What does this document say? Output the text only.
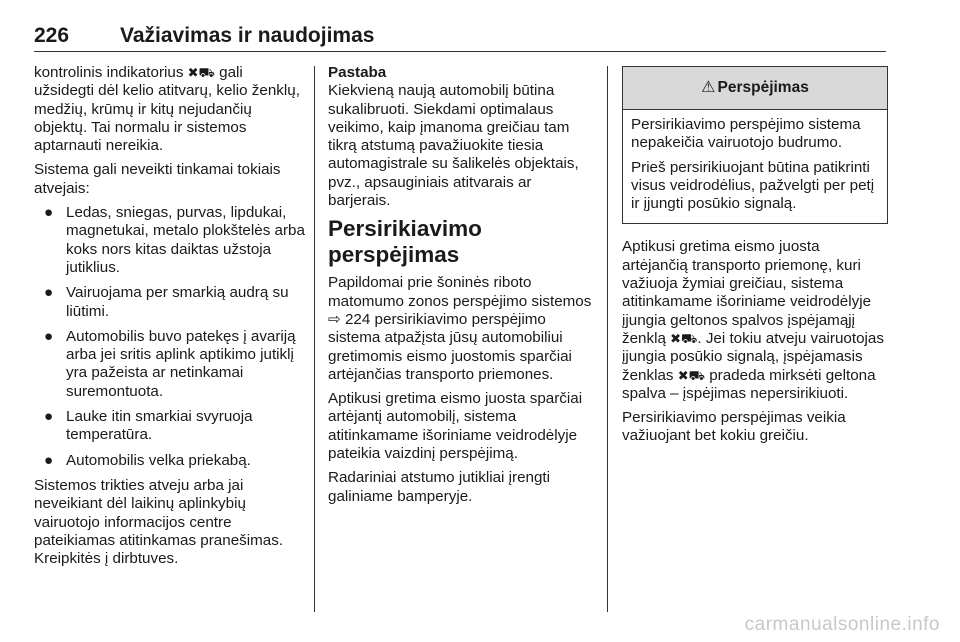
226 Važiavimas ir naudojimas

kontrolinis indikatorius ✖⛟ gali užsidegti dėl kelio atitvarų, kelio ženklų, medžių, krūmų ir kitų nejudančių objektų. Tai normalu ir sistemos aptarnauti nereikia.

Sistema gali neveikti tinkamai tokiais atvejais:

● Ledas, sniegas, purvas, lipdukai, magnetukai, metalo plokštelės arba koks nors kitas daiktas užstoja jutiklius.
● Vairuojama per smarkią audrą su liūtimi.
● Automobilis buvo patekęs į avariją arba jei sritis aplink aptikimo jutiklį yra pažeista ar netinkamai suremontuota.
● Lauke itin smarkiai svyruoja temperatūra.
● Automobilis velka priekabą.

Sistemos trikties atveju arba jai neveikiant dėl laikinų aplinkybių vairuotojo informacijos centre pateikiamas atitinkamas pranešimas. Kreipkitės į dirbtuves.

Pastaba

Kiekvieną naują automobilį būtina sukalibruoti. Siekdami optimalaus veikimo, kaip įmanoma greičiau tam tikrą atstumą pavažiuokite tiesia automagistrale su šalikelės objektais, pvz., apsauginiais atitvarais ar barjerais.

Persirikiavimo perspėjimas

Papildomai prie šoninės riboto matomumo zonos perspėjimo sistemos ⇨ 224 persirikiavimo perspėjimo sistema atpažįsta jūsų automobiliui gretimomis eismo juostomis sparčiai artėjančias transporto priemones.

Aptikusi gretima eismo juosta sparčiai artėjantį automobilį, sistema atitinkamame išoriniame veidrodėlyje pateikia vaizdinį perspėjimą.

Radariniai atstumo jutikliai įrengti galiniame bamperyje.

⚠ Perspėjimas

Persirikiavimo perspėjimo sistema nepakeičia vairuotojo budrumo.

Prieš persirikiuojant būtina patikrinti visus veidrodėlius, pažvelgti per petį ir įjungti posūkio signalą.

Aptikusi gretima eismo juosta artėjančią transporto priemonę, kuri važiuoja žymiai greičiau, sistema atitinkamame išoriniame veidrodėlyje įjungia geltonos spalvos įspėjamąjį ženklą ✖⛟. Jei tokiu atveju vairuotojas įjungia posūkio signalą, įspėjamasis ženklas ✖⛟ pradeda mirksėti geltona spalva – įspėjimas nepersirikiuoti.

Persirikiavimo perspėjimas veikia važiuojant bet kokiu greičiu.

carmanualsonline.info
